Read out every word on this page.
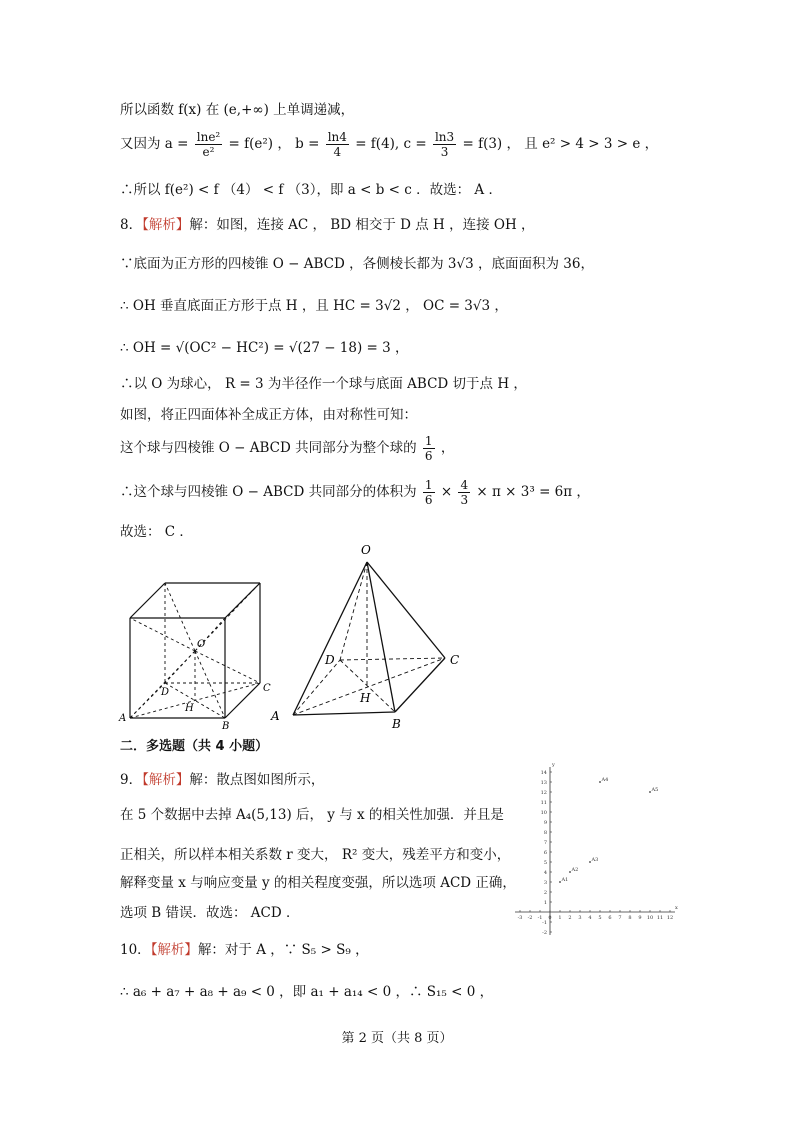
所以函数 f(x) 在 (e,+∞) 上单调递减，
又因为 $a = \frac{\text{lne²}}{\text{e²}} = f(e^2)$ ， $b = \frac{\ln 4}{4} = f(4)$, $c = \frac{\ln 3}{3} = f(3)$ ， 且 e² > 4 > 3 > e ，
∴所以 f(e²) < f （4） < f （3），即 a < b < c ．故选： A ．
8．【解析】解：如图，连接 AC ， BD 相交于 D 点 H ，连接 OH ，
∵底面为正方形的四棱锥 O − ABCD ，各侧棱长都为 3√3 ，底面面积为 36，
∴ OH 垂直底面正方形于点 H ，且 HC = 3√2 ， OC = 3√3 ，
∴ OH = √(OC² − HC²) = √(27 − 18) = 3 ，
∴以 O 为球心， R = 3 为半径作一个球与底面 ABCD 切于点 H ，
如图，将正四面体补全成正方体，由对称性可知：
这个球与四棱锥 O − ABCD 共同部分为整个球的 $\frac{1}{6}$ ，
∴这个球与四棱锥 O − ABCD 共同部分的体积为 $\frac{1}{6} \times \frac{4}{3} \times \pi \times 3^3 = 6\pi$ ，
故选： C ．
O
D
H
C
A
B
O
D
H
C
A
B
二．多选题（共 4 小题）
9．【解析】解：散点图如图所示，
在 5 个数据中去掉 A₄(5,13) 后， y 与 x 的相关性加强．并且是
正相关，所以样本相关系数 r 变大， R² 变大，残差平方和变小，
解释变量 x 与响应变量 y 的相关程度变强，所以选项 ACD 正确，
选项 B 错误．故选： ACD ．	-3 -2 -1 0 1 2 3 4 5 6 7 8 9 10 11 12
-2
-1
1
2
3
4
5
6
7
8
9
10
11
12
13
14
x
y
A1
A2
A3
A4
A5
10．【解析】解：对于 A ，∵ S₅ > S₉ ，
∴ a₆ + a₇ + a₈ + a₉ < 0 ，即 a₁ + a₁₄ < 0 ，∴ S₁₅ < 0 ，
第 2 页（共 8 页）
